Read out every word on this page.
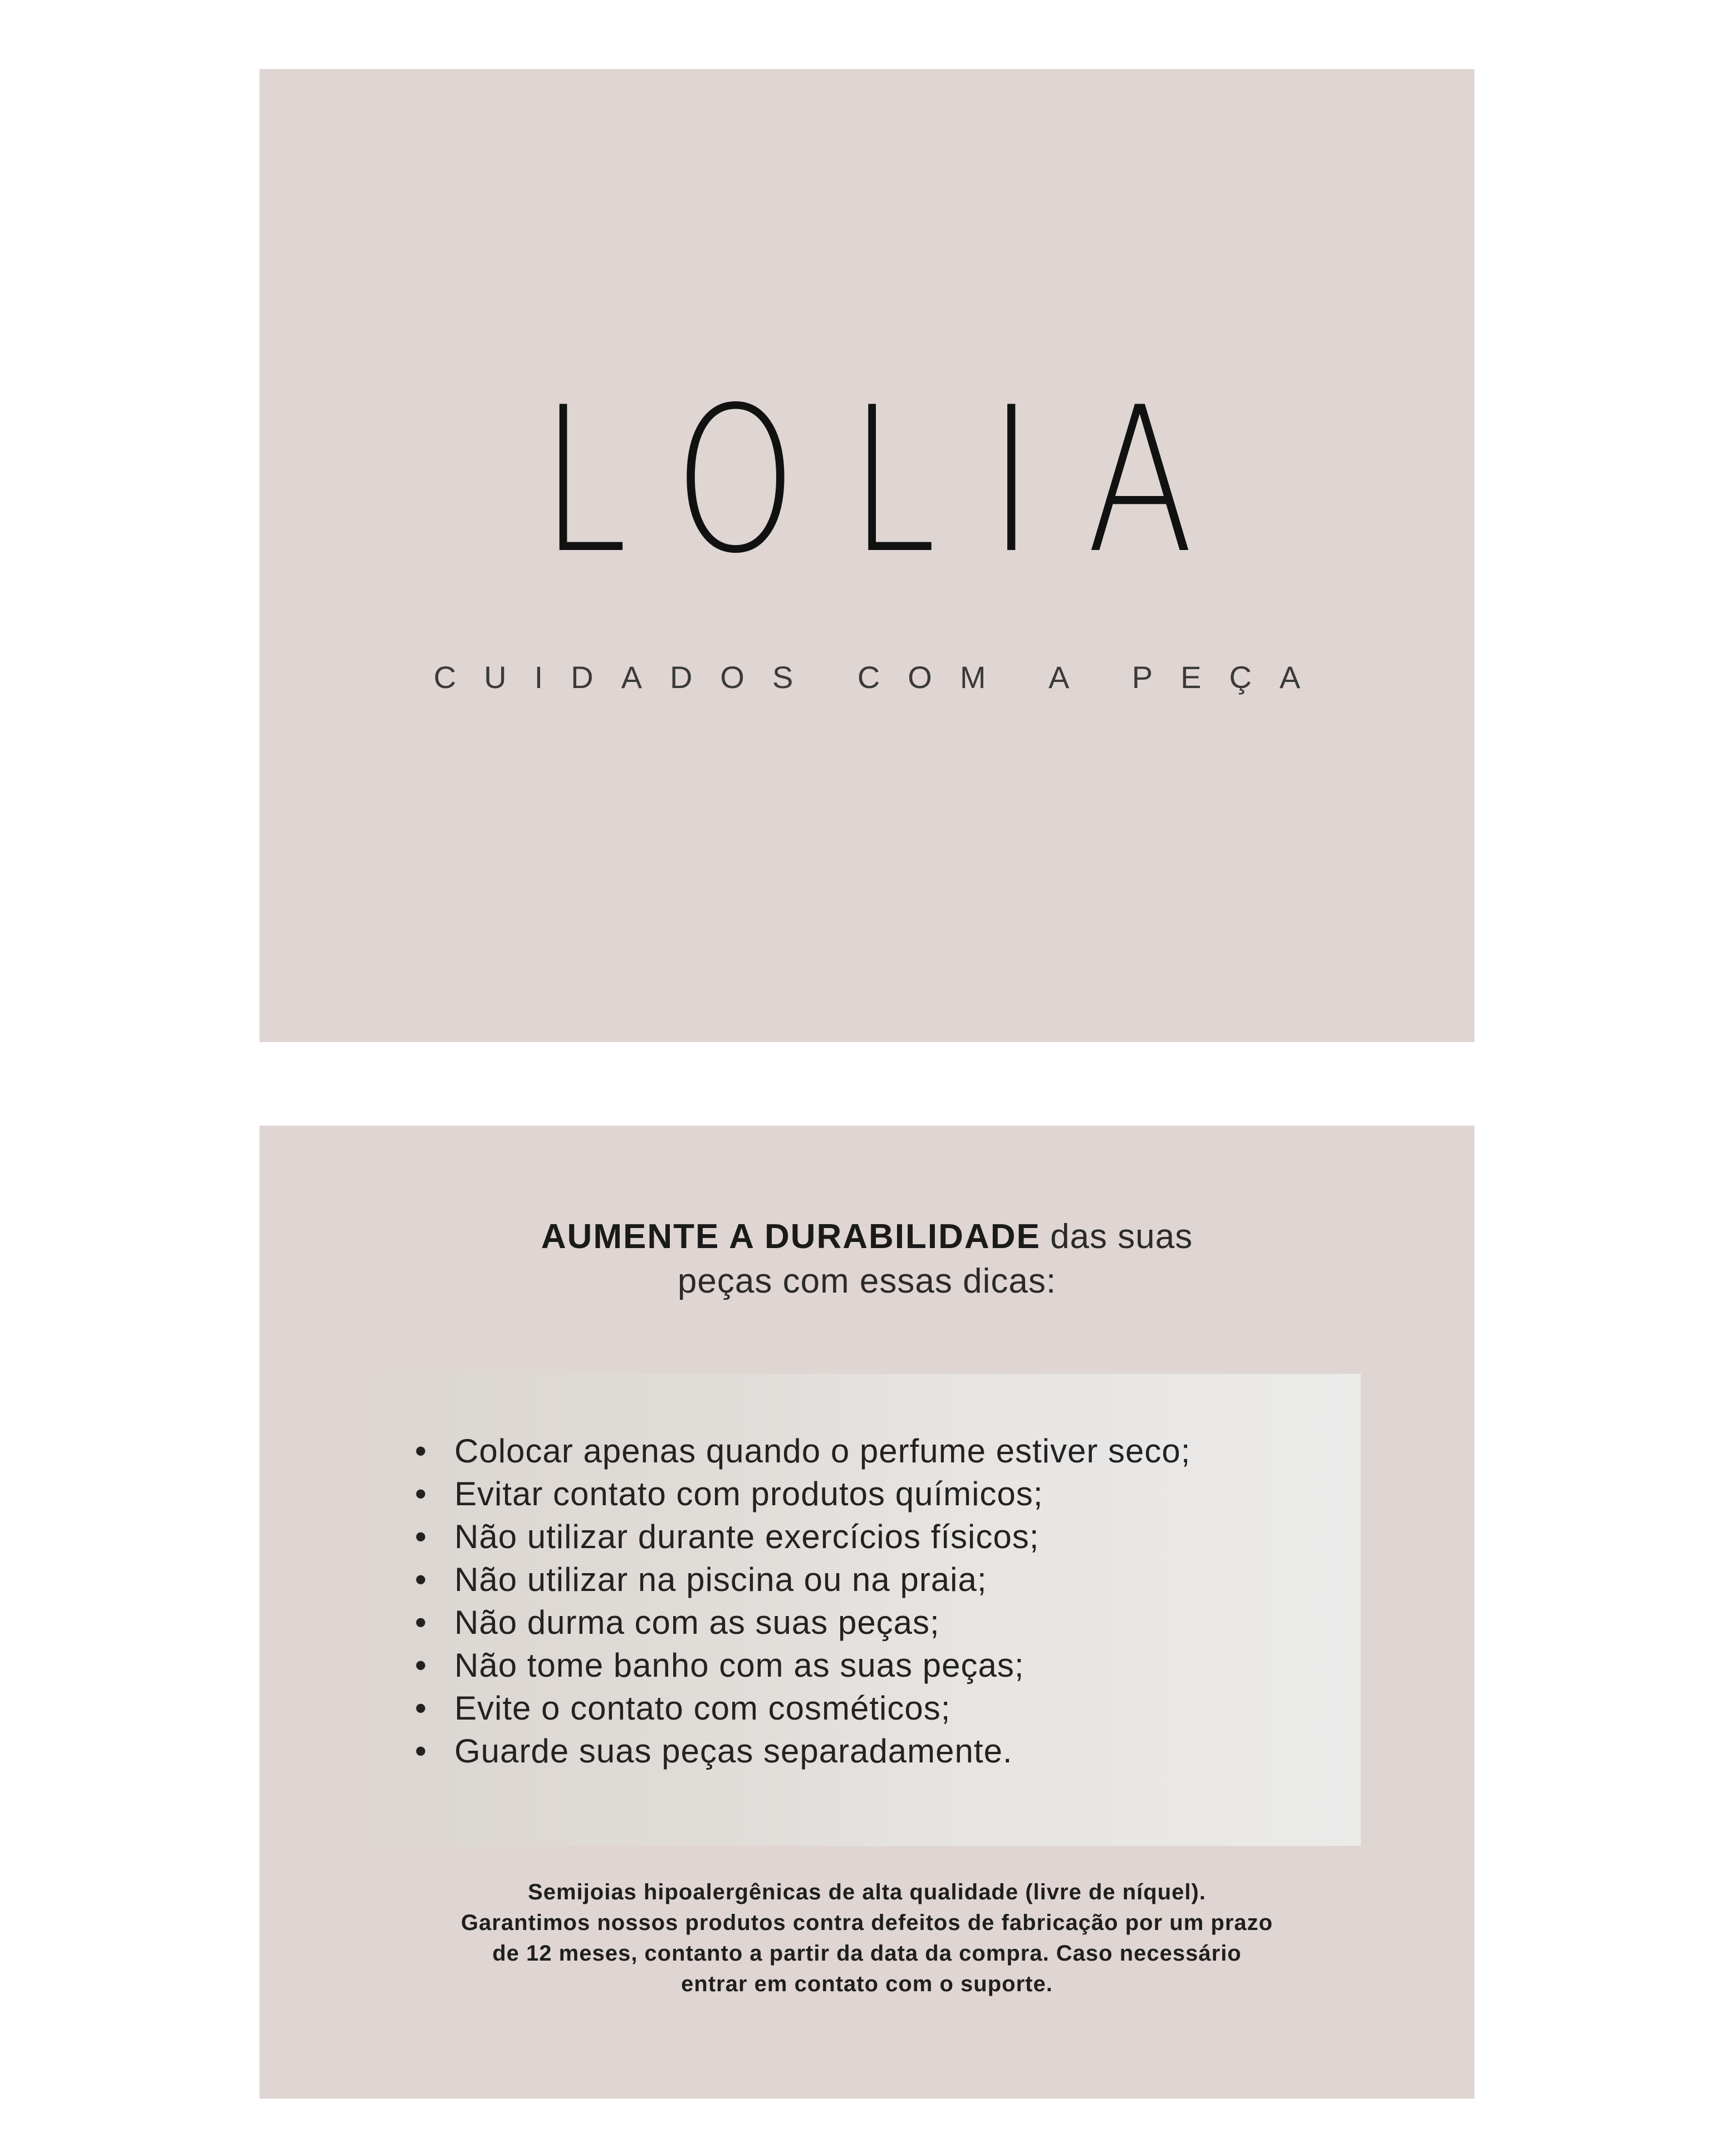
LOLIA
CUIDADOS COM A PEÇA
AUMENTE A DURABILIDADE das suas
peças com essas dicas:
• Colocar apenas quando o perfume estiver seco;
• Evitar contato com produtos químicos;
• Não utilizar durante exercícios físicos;
• Não utilizar na piscina ou na praia;
• Não durma com as suas peças;
• Não tome banho com as suas peças;
• Evite o contato com cosméticos;
• Guarde suas peças separadamente.
Semijoias hipoalergênicas de alta qualidade (livre de níquel).
Garantimos nossos produtos contra defeitos de fabricação por um prazo
de 12 meses, contanto a partir da data da compra. Caso necessário
entrar em contato com o suporte.
